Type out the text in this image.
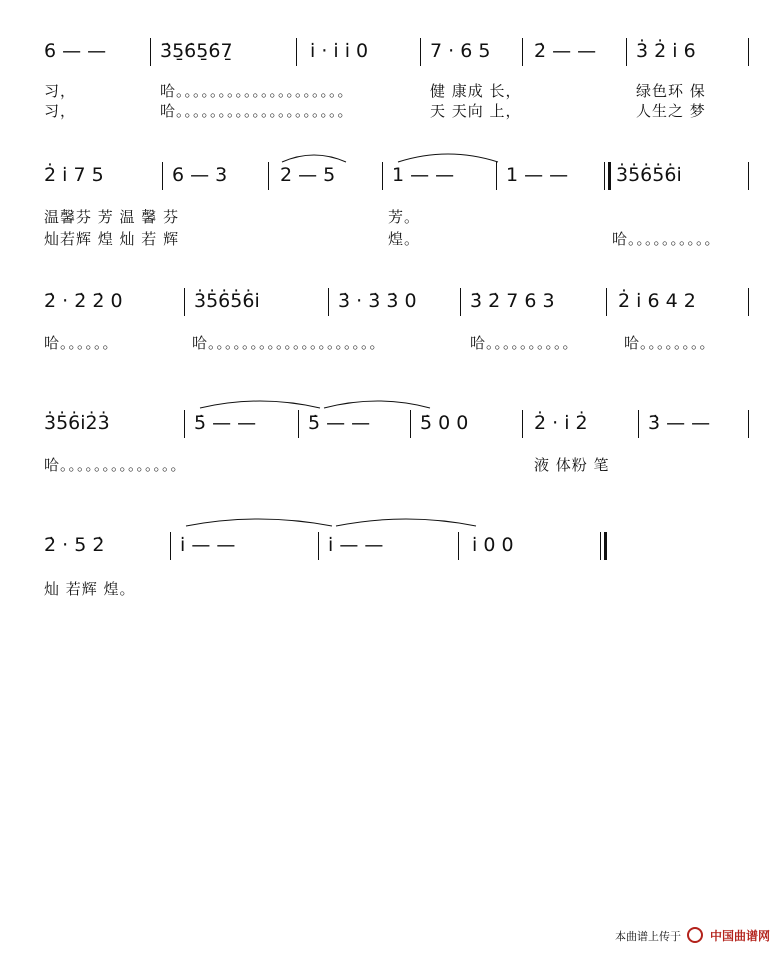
6 — —	3̇5̱6̇5̱6̇7̱	i̇ · i̇ i̇ 0	7 · 6 5 2̇ — — 3̇ 2̇ i̇ 6
习，
习，
哈。。。。。。。。。。。。。。。。。。。。
哈。。。。。。。。。。。。。。。。。。。。
健 康成 长，
天 天向 上，
绿色环 保
人生之 梦
2̇ i̇ 7 5	6 — 3	2 — 5	1 — —	1 — —	3̇5̇6̇5̇6̇i̇
温馨芬 芳 温 馨 芬
灿若辉 煌 灿 若 辉
芳。
煌。	哈。。。。。。。。。。
2̇ · 2̇ 2̇ 0	3̇5̇6̇5̇6̇i̇	3̇ · 3̇ 3̇ 0	3̇ 2̇ 7 6 3	2̇ i̇ 6 4 2
哈。。。。。。	哈。。。。。。。。。。。。。。。。。。。。	哈。。。。。。。。。。	哈。。。。。。。。
3̇5̇6̇i̇2̇3̇	5̇ — —	5̇ — —	5̇ 0 0	2̇ · i̇ 2̇	3̇ — —
哈。。。。。。。。。。。。。。	液 体粉 笔
2̇ · 5 2̇	i̇ — —	i̇ — —	i̇ 0 0
灿 若辉 煌。
本曲谱上传于 中国曲谱网
